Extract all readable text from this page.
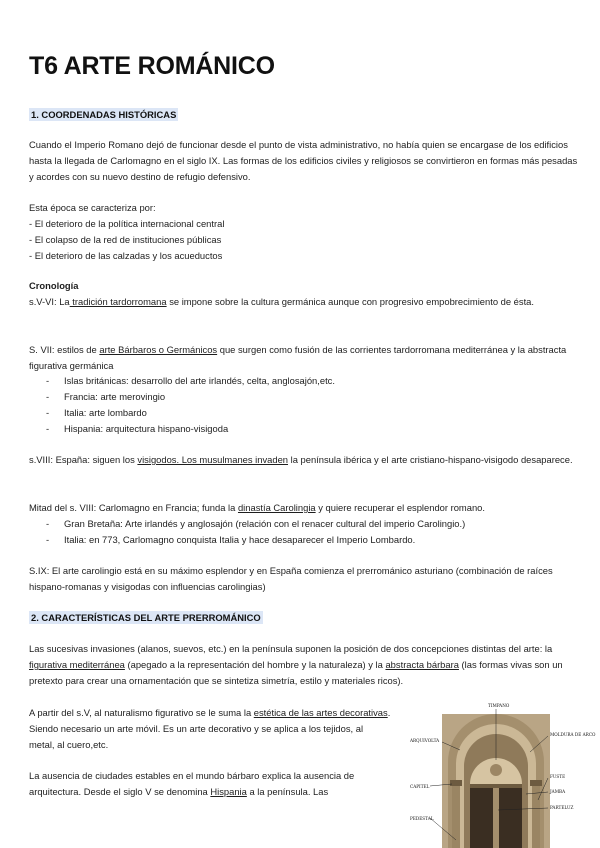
T6 ARTE ROMÁNICO
1. COORDENADAS HISTÓRICAS

Cuando el Imperio Romano dejó de funcionar desde el punto de vista administrativo, no había quien se encargase de los edificios hasta la llegada de Carlomagno en el siglo IX. Las formas de los edificios civiles y religiosos se convirtieron en formas más pesadas y acordes con su nuevo destino de refugio defensivo.

Esta época se caracteriza por:

- El deterioro de la política internacional central

- El colapso de la red de instituciones públicas

- El deterioro de las calzadas y los acueductos

Cronología

s.V-VI: La tradición tardorromana se impone sobre la cultura germánica aunque con progresivo empobrecimiento de ésta.

S. VII: estilos de arte Bárbaros o Germánicos que surgen como fusión de las corrientes tardorromana mediterránea y la abstracta figurativa germánica

- Islas británicas: desarrollo del arte irlandés, celta, anglosajón,etc.

- Francia: arte merovingio

- Italia: arte lombardo

- Hispania: arquitectura hispano-visigoda

s.VIII: España: siguen los visigodos. Los musulmanes invaden la península ibérica y el arte cristiano-hispano-visigodo desaparece.

Mitad del s. VIII: Carlomagno en Francia; funda la dinastía Carolingia y quiere recuperar el esplendor romano.

- Gran Bretaña: Arte irlandés y anglosajón (relación con el renacer cultural del imperio Carolingio.)

- Italia: en 773, Carlomagno conquista Italia y hace desaparecer el Imperio Lombardo.

S.IX: El arte carolingio está en su máximo esplendor y en España comienza el prerrománico asturiano (combinación de raíces hispano-romanas y visigodas con influencias carolingias)

2. CARACTERÍSTICAS DEL ARTE PRERROMÁNICO

Las sucesivas invasiones (alanos, suevos, etc.) en la península suponen la posición de dos concepciones distintas del arte: la figurativa mediterránea (apegado a la representación del hombre y la naturaleza) y la abstracta bárbara (las formas vivas son un pretexto para crear una ornamentación que se sintetiza simetría, estilo y materiales ricos).

A partir del s.V, al naturalismo figurativo se le suma la estética de las artes decorativas. Siendo necesario un arte móvil. Es un arte decorativo y se aplica a los tejidos, al metal, al cuero,etc.

La ausencia de ciudades estables en el mundo bárbaro explica la ausencia de arquitectura. Desde el siglo V se denomina Hispania a la península. Las

TIMPANO
ARQUIVOLTA
MOLDURA DE ARCO
CAPITEL
FUSTE
JAMBA
PARTELUZ
PEDESTAL
